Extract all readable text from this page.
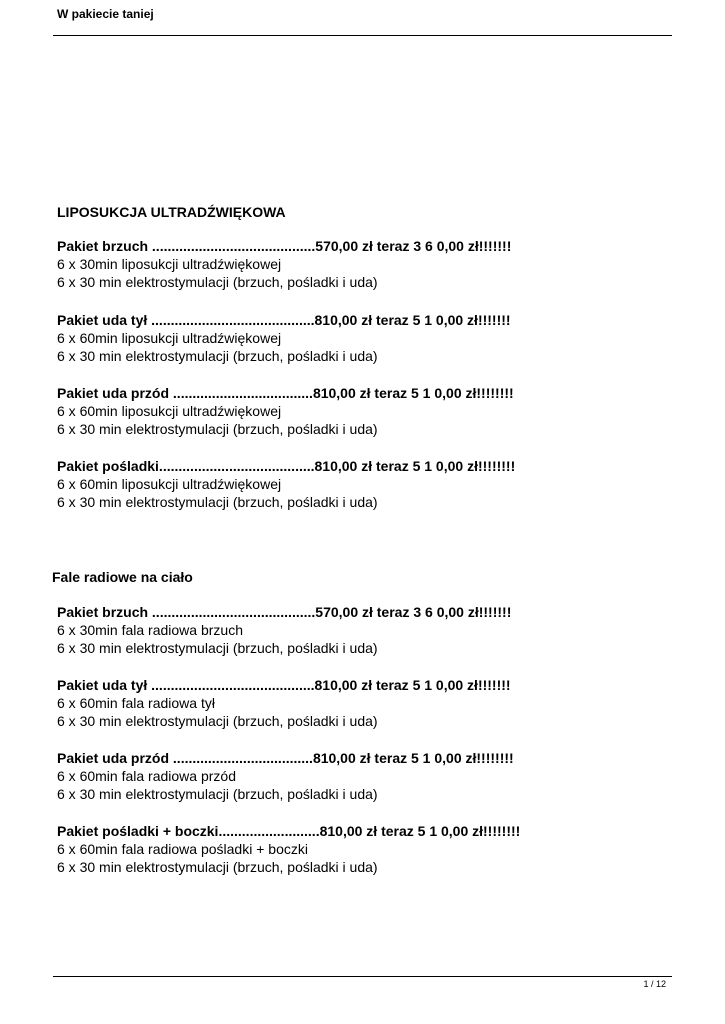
W pakiecie taniej
LIPOSUKCJA ULTRADŹWIĘKOWA
Pakiet brzuch ..........................................570,00 zł teraz 3 6 0,00 zł!!!!!!!
6 x 30min liposukcji ultradźwiękowej
6 x 30 min elektrostymulacji (brzuch, pośladki i uda)
Pakiet uda tył ..........................................810,00 zł teraz 5 1 0,00 zł!!!!!!!
6 x 60min liposukcji ultradźwiękowej
6 x 30 min elektrostymulacji (brzuch, pośladki i uda)
Pakiet uda przód ....................................810,00 zł teraz 5 1 0,00 zł!!!!!!!!
6 x 60min liposukcji ultradźwiękowej
6 x 30 min elektrostymulacji (brzuch, pośladki i uda)
Pakiet pośladki........................................810,00 zł teraz 5 1 0,00 zł!!!!!!!!
6 x 60min liposukcji ultradźwiękowej
6 x 30 min elektrostymulacji (brzuch, pośladki i uda)
Fale radiowe na ciało
Pakiet brzuch ..........................................570,00 zł teraz 3 6 0,00 zł!!!!!!!
6 x 30min fala radiowa brzuch
6 x 30 min elektrostymulacji (brzuch, pośladki i uda)
Pakiet uda tył ..........................................810,00 zł teraz 5 1 0,00 zł!!!!!!!
6 x 60min fala radiowa tył
6 x 30 min elektrostymulacji (brzuch, pośladki i uda)
Pakiet uda przód ....................................810,00 zł teraz 5 1 0,00 zł!!!!!!!!
6 x 60min fala radiowa przód
6 x 30 min elektrostymulacji (brzuch, pośladki i uda)
Pakiet pośladki + boczki..........................810,00 zł teraz 5 1 0,00 zł!!!!!!!!
6 x 60min fala radiowa pośladki + boczki
6 x 30 min elektrostymulacji (brzuch, pośladki i uda)
1 / 12
